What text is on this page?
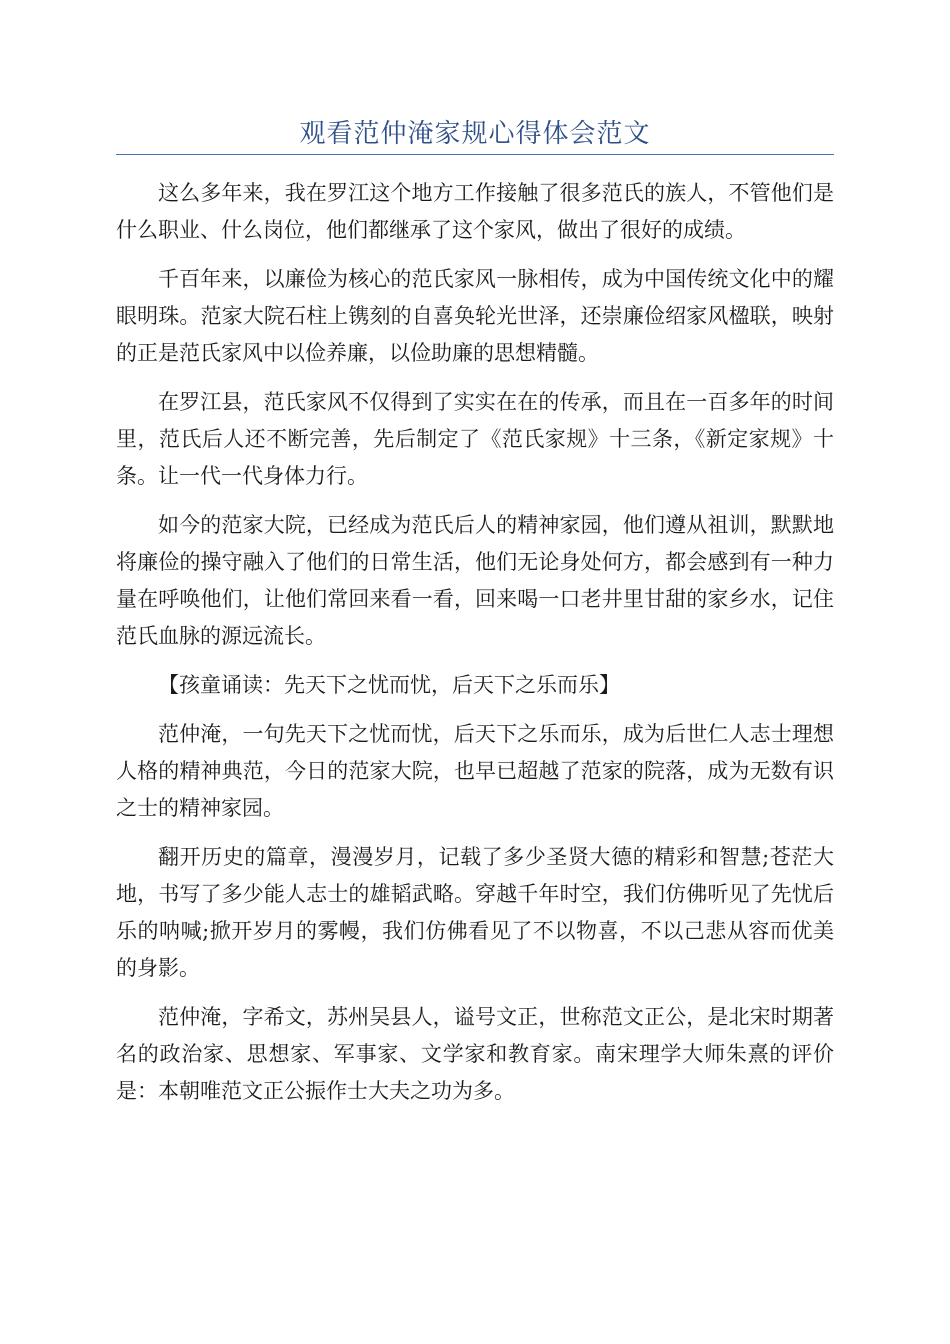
观看范仲淹家规心得体会范文

这么多年来，我在罗江这个地方工作接触了很多范氏的族人，不管他们是什么职业、什么岗位，他们都继承了这个家风，做出了很好的成绩。

千百年来，以廉俭为核心的范氏家风一脉相传，成为中国传统文化中的耀眼明珠。范家大院石柱上镌刻的自喜奂轮光世泽，还崇廉俭绍家风楹联，映射的正是范氏家风中以俭养廉，以俭助廉的思想精髓。

在罗江县，范氏家风不仅得到了实实在在的传承，而且在一百多年的时间里，范氏后人还不断完善，先后制定了《范氏家规》十三条，《新定家规》十条。让一代一代身体力行。

如今的范家大院，已经成为范氏后人的精神家园，他们遵从祖训，默默地将廉俭的操守融入了他们的日常生活，他们无论身处何方，都会感到有一种力量在呼唤他们，让他们常回来看一看，回来喝一口老井里甘甜的家乡水，记住范氏血脉的源远流长。

【孩童诵读：先天下之忧而忧，后天下之乐而乐】

范仲淹，一句先天下之忧而忧，后天下之乐而乐，成为后世仁人志士理想人格的精神典范，今日的范家大院，也早已超越了范家的院落，成为无数有识之士的精神家园。

翻开历史的篇章，漫漫岁月，记载了多少圣贤大德的精彩和智慧;苍茫大地，书写了多少能人志士的雄韬武略。穿越千年时空，我们仿佛听见了先忧后乐的呐喊;掀开岁月的雾幔，我们仿佛看见了不以物喜，不以己悲从容而优美的身影。

范仲淹，字希文，苏州吴县人，谥号文正，世称范文正公，是北宋时期著名的政治家、思想家、军事家、文学家和教育家。南宋理学大师朱熹的评价是：本朝唯范文正公振作士大夫之功为多。
